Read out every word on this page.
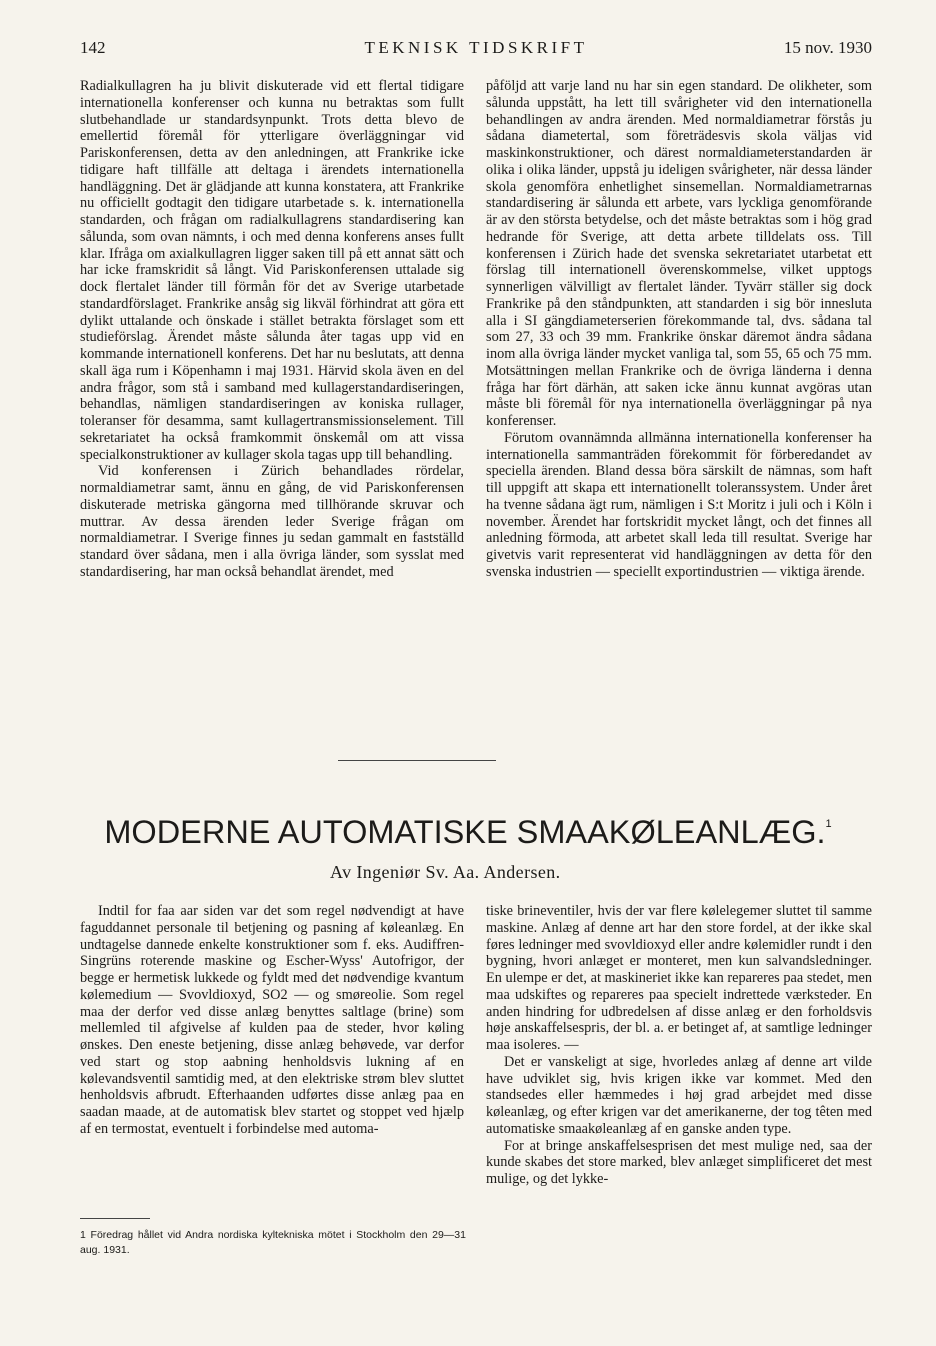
142	TEKNISK TIDSKRIFT	15 nov. 1930

Radialkullagren ha ju blivit diskuterade vid ett flertal tidigare internationella konferenser och kunna nu betraktas som fullt slutbehandlade ur standardsynpunkt. Trots detta blevo de emellertid föremål för ytterligare överläggningar vid Pariskonferensen, detta av den anledningen, att Frankrike icke tidigare haft tillfälle att deltaga i ärendets internationella handläggning. Det är glädjande att kunna konstatera, att Frankrike nu officiellt godtagit den tidigare utarbetade s. k. internationella standarden, och frågan om radialkullagrens standardisering kan sålunda, som ovan nämnts, i och med denna konferens anses fullt klar. Ifråga om axialkullagren ligger saken till på ett annat sätt och har icke framskridit så långt. Vid Pariskonferensen uttalade sig dock flertalet länder till förmån för det av Sverige utarbetade standardförslaget. Frankrike ansåg sig likväl förhindrat att göra ett dylikt uttalande och önskade i stället betrakta förslaget som ett studieförslag. Ärendet måste sålunda åter tagas upp vid en kommande internationell konferens. Det har nu beslutats, att denna skall äga rum i Köpenhamn i maj 1931. Härvid skola även en del andra frågor, som stå i samband med kullagerstandardiseringen, behandlas, nämligen standardiseringen av koniska rullager, toleranser för desamma, samt kullagertransmissionselement. Till sekretariatet ha också framkommit önskemål om att vissa specialkonstruktioner av kullager skola tagas upp till behandling.

Vid konferensen i Zürich behandlades rördelar, normaldiametrar samt, ännu en gång, de vid Pariskonferensen diskuterade metriska gängorna med tillhörande skruvar och muttrar. Av dessa ärenden leder Sverige frågan om normaldiametrar. I Sverige finnes ju sedan gammalt en fastställd standard över sådana, men i alla övriga länder, som sysslat med standardisering, har man också behandlat ärendet, med

påföljd att varje land nu har sin egen standard. De olikheter, som sålunda uppstått, ha lett till svårigheter vid den internationella behandlingen av andra ärenden. Med normaldiametrar förstås ju sådana diametertal, som företrädesvis skola väljas vid maskinkonstruktioner, och därest normaldiameterstandarden är olika i olika länder, uppstå ju ideligen svårigheter, när dessa länder skola genomföra enhetlighet sinsemellan. Normaldiametrarnas standardisering är sålunda ett arbete, vars lyckliga genomförande är av den största betydelse, och det måste betraktas som i hög grad hedrande för Sverige, att detta arbete tilldelats oss. Till konferensen i Zürich hade det svenska sekretariatet utarbetat ett förslag till internationell överenskommelse, vilket upptogs synnerligen välvilligt av flertalet länder. Tyvärr ställer sig dock Frankrike på den ståndpunkten, att standarden i sig bör innesluta alla i SI gängdiameterserien förekommande tal, dvs. sådana tal som 27, 33 och 39 mm. Frankrike önskar däremot ändra sådana inom alla övriga länder mycket vanliga tal, som 55, 65 och 75 mm. Motsättningen mellan Frankrike och de övriga länderna i denna fråga har fört därhän, att saken icke ännu kunnat avgöras utan måste bli föremål för nya internationella överläggningar på nya konferenser.

Förutom ovannämnda allmänna internationella konferenser ha internationella sammanträden förekommit för förberedandet av speciella ärenden. Bland dessa böra särskilt de nämnas, som haft till uppgift att skapa ett internationellt toleranssystem. Under året ha tvenne sådana ägt rum, nämligen i S:t Moritz i juli och i Köln i november. Ärendet har fortskridit mycket långt, och det finnes all anledning förmoda, att arbetet skall leda till resultat. Sverige har givetvis varit representerat vid handläggningen av detta för den svenska industrien — speciellt exportindustrien — viktiga ärende.

MODERNE AUTOMATISKE SMAAKØLEANLÆG.$^1$
Av Ingeniør Sv. Aa. Andersen.

Indtil for faa aar siden var det som regel nødvendigt at have faguddannet personale til betjening og pasning af køleanlæg. En undtagelse dannede enkelte konstruktioner som f. eks. Audiffren-Singrüns roterende maskine og Escher-Wyss' Autofrigor, der begge er hermetisk lukkede og fyldt med det nødvendige kvantum kølemedium — Svovldioxyd, SO2 — og smøreolie. Som regel maa der derfor ved disse anlæg benyttes saltlage (brine) som mellemled til afgivelse af kulden paa de steder, hvor køling ønskes. Den eneste betjening, disse anlæg behøvede, var derfor ved start og stop aabning henholdsvis lukning af en kølevandsventil samtidig med, at den elektriske strøm blev sluttet henholdsvis afbrudt. Efterhaanden udførtes disse anlæg paa en saadan maade, at de automatisk blev startet og stoppet ved hjælp af en termostat, eventuelt i forbindelse med automa-

tiske brineventiler, hvis der var flere kølelegemer sluttet til samme maskine. Anlæg af denne art har den store fordel, at der ikke skal føres ledninger med svovldioxyd eller andre kølemidler rundt i den bygning, hvori anlæget er monteret, men kun salvandsledninger. En ulempe er det, at maskineriet ikke kan repareres paa stedet, men maa udskiftes og repareres paa specielt indrettede værksteder. En anden hindring for udbredelsen af disse anlæg er den forholdsvis høje anskaffelsespris, der bl. a. er betinget af, at samtlige ledninger maa isoleres. —

Det er vanskeligt at sige, hvorledes anlæg af denne art vilde have udviklet sig, hvis krigen ikke var kommet. Med den standsedes eller hæmmedes i høj grad arbejdet med disse køleanlæg, og efter krigen var det amerikanerne, der tog têten med automatiske smaakøleanlæg af en ganske anden type.

For at bringe anskaffelsesprisen det mest mulige ned, saa der kunde skabes det store marked, blev anlæget simplificeret det mest mulige, og det lykke-

1 Föredrag hållet vid Andra nordiska kyltekniska mötet i Stockholm den 29—31 aug. 1931.
